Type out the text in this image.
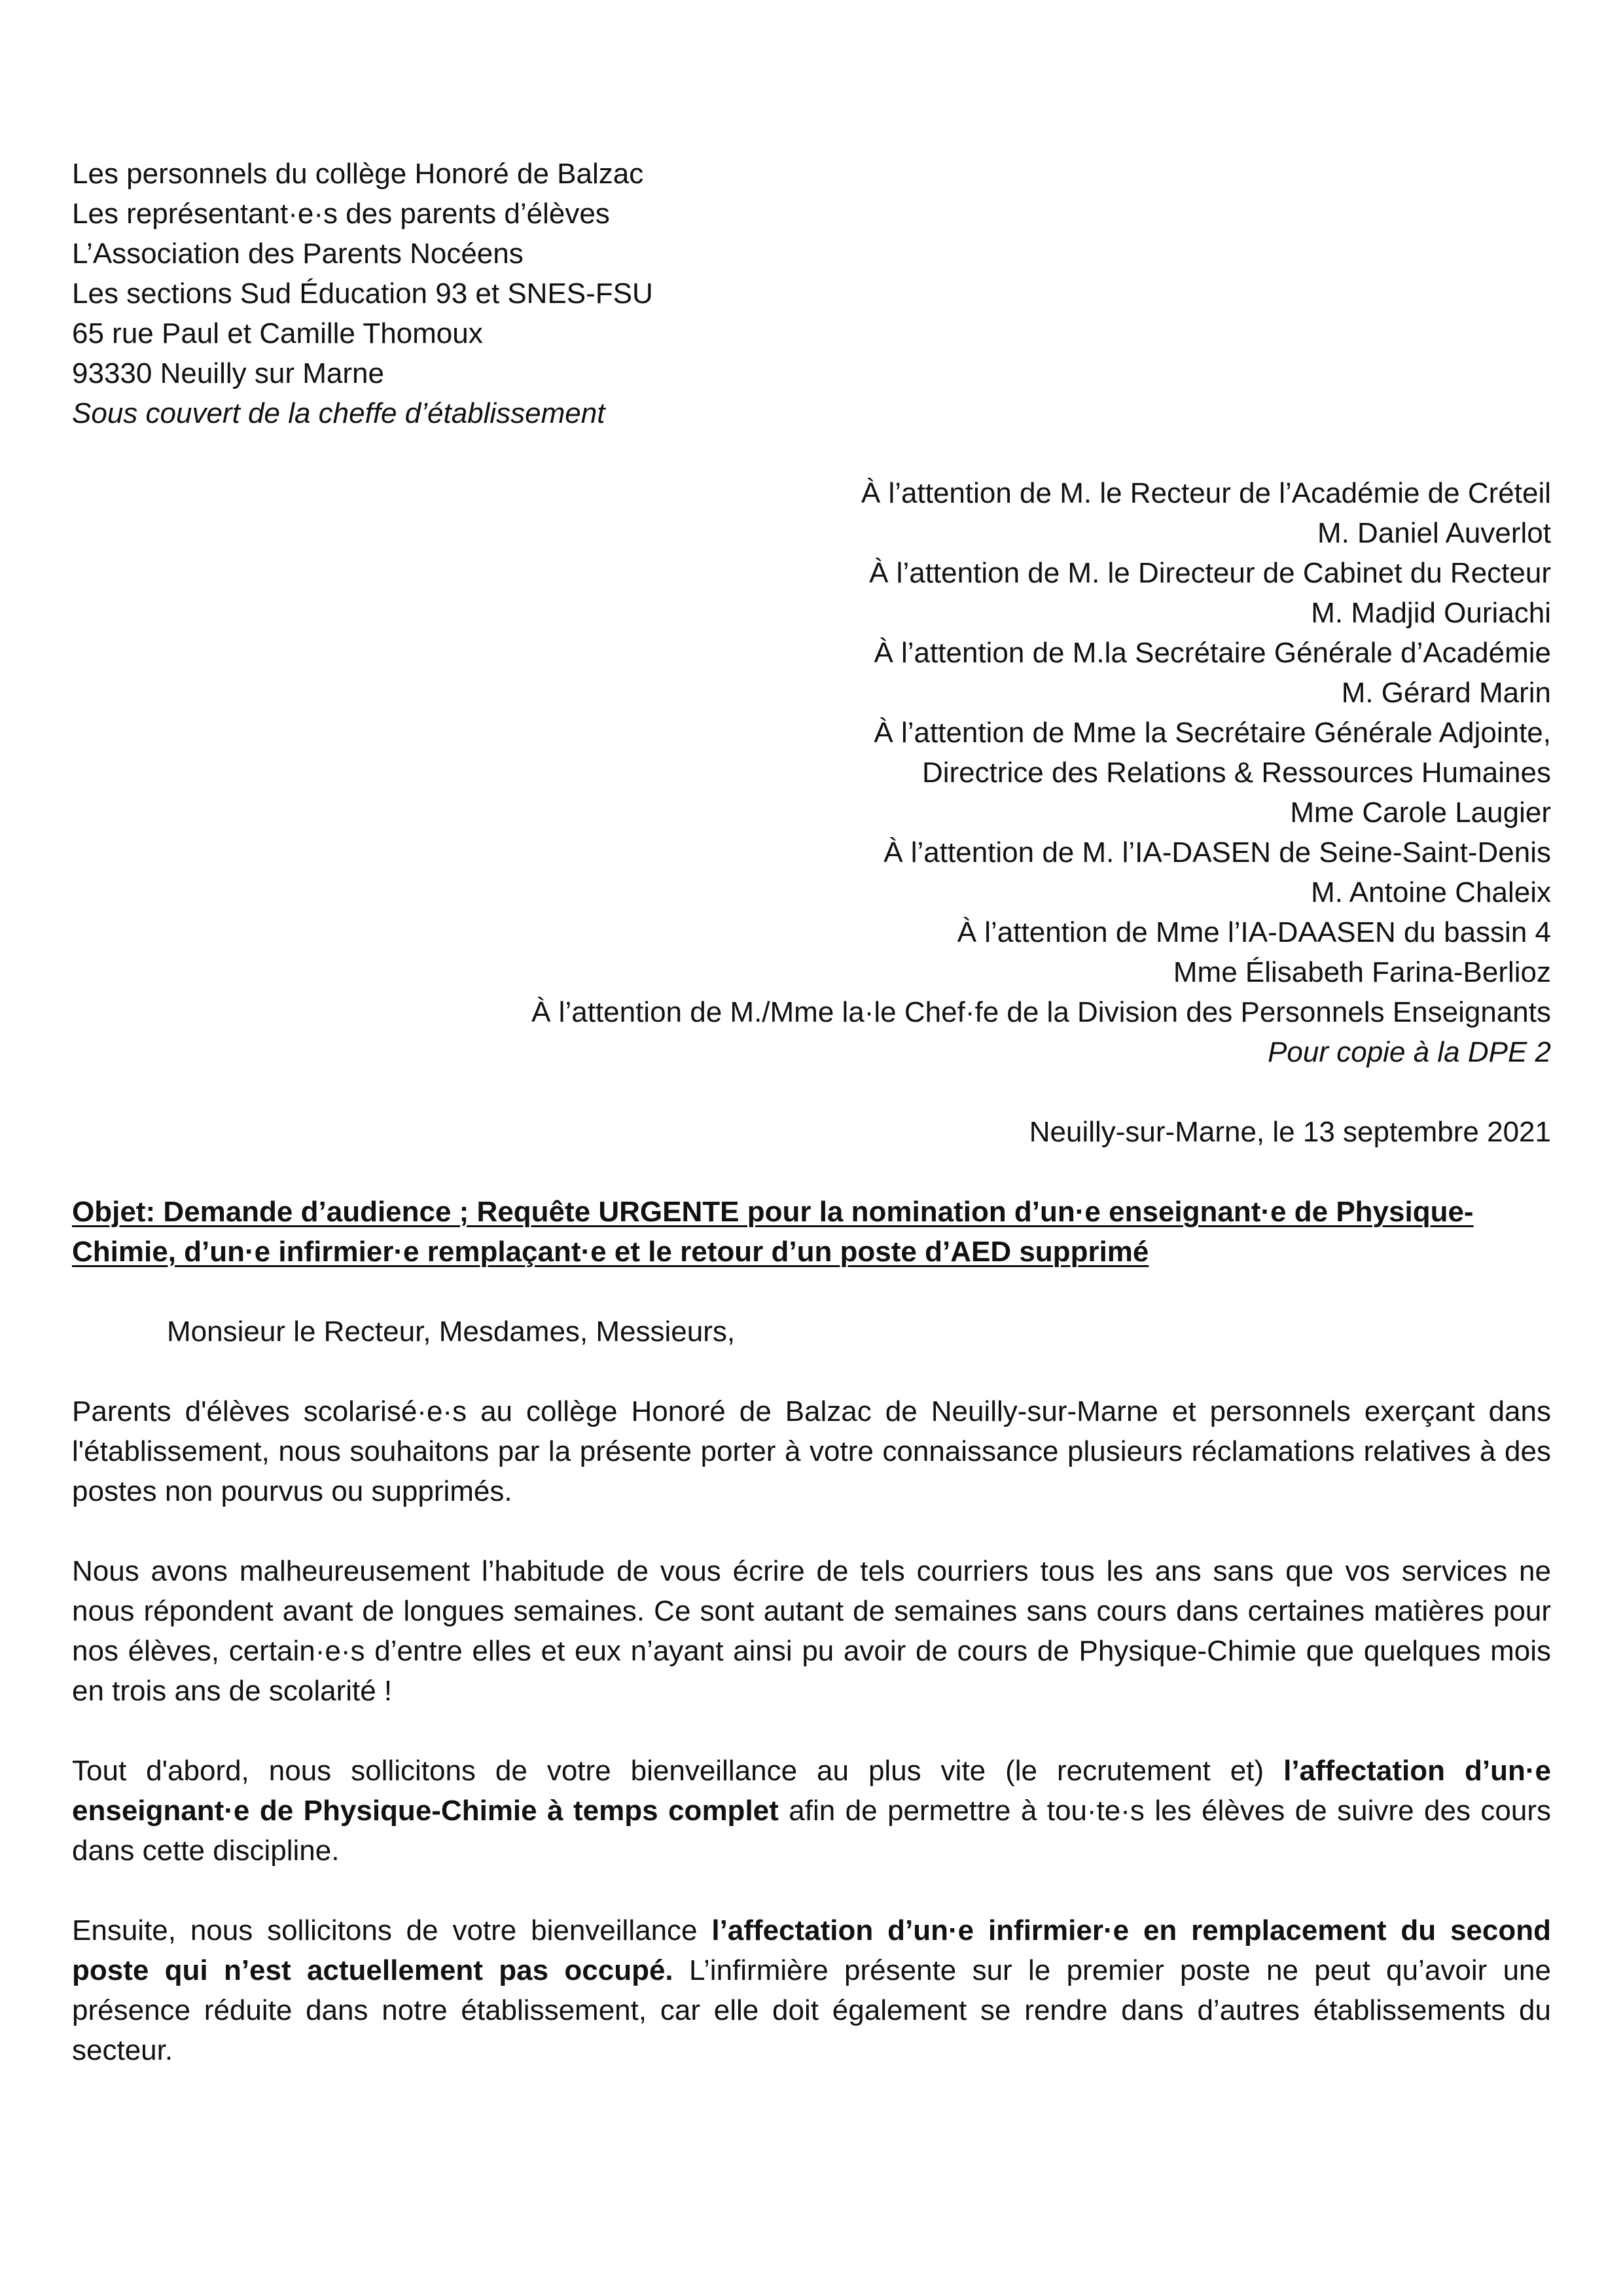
Les personnels du collège Honoré de Balzac
Les représentant·e·s des parents d’élèves
L’Association des Parents Nocéens
Les sections Sud Éducation 93 et SNES-FSU
65 rue Paul et Camille Thomoux
93330 Neuilly sur Marne
Sous couvert de la cheffe d’établissement
À l’attention de M. le Recteur de l’Académie de Créteil
M. Daniel Auverlot
À l’attention de M. le Directeur de Cabinet du Recteur
M. Madjid Ouriachi
À l’attention de M.la Secrétaire Générale d’Académie
M. Gérard Marin
À l’attention de Mme la Secrétaire Générale Adjointe,
Directrice des Relations & Ressources Humaines
Mme Carole Laugier
À l’attention de M. l’IA-DASEN de Seine-Saint-Denis
M. Antoine Chaleix
À l’attention de Mme l’IA-DAASEN du bassin 4
Mme Élisabeth Farina-Berlioz
À l’attention de M./Mme la·le Chef·fe de la Division des Personnels Enseignants
Pour copie à la DPE 2
Neuilly-sur-Marne, le 13 septembre 2021
Objet: Demande d’audience ; Requête URGENTE pour la nomination d’un·e enseignant·e de Physique-
Chimie, d’un·e infirmier·e remplaçant·e et le retour d’un poste d’AED supprimé
Monsieur le Recteur, Mesdames, Messieurs,
Parents d'élèves scolarisé·e·s au collège Honoré de Balzac de Neuilly-sur-Marne et personnels exerçant dans l'établissement, nous souhaitons par la présente porter à votre connaissance plusieurs réclamations relatives à des postes non pourvus ou supprimés.
Nous avons malheureusement l’habitude de vous écrire de tels courriers tous les ans sans que vos services ne nous répondent avant de longues semaines. Ce sont autant de semaines sans cours dans certaines matières pour nos élèves, certain·e·s d’entre elles et eux n’ayant ainsi pu avoir de cours de Physique-Chimie que quelques mois en trois ans de scolarité !
Tout d'abord, nous sollicitons de votre bienveillance au plus vite (le recrutement et) l’affectation d’un·e enseignant·e de Physique-Chimie à temps complet afin de permettre à tou·te·s les élèves de suivre des cours dans cette discipline.
Ensuite, nous sollicitons de votre bienveillance l’affectation d’un·e infirmier·e en remplacement du second poste qui n’est actuellement pas occupé. L’infirmière présente sur le premier poste ne peut qu’avoir une présence réduite dans notre établissement, car elle doit également se rendre dans d’autres établissements du secteur.
